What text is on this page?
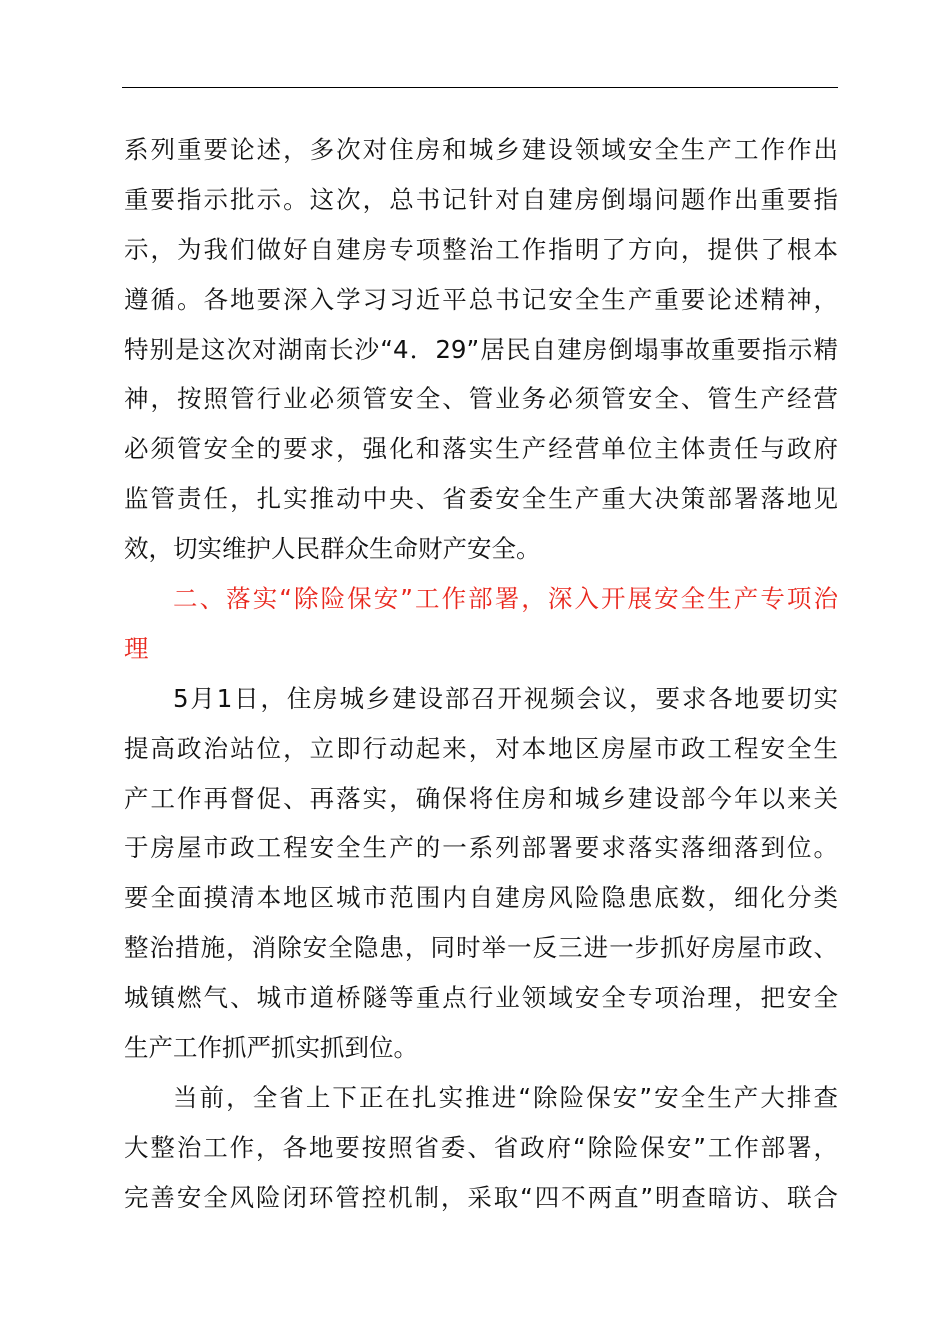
系列重要论述，多次对住房和城乡建设领域安全生产工作作出
重要指示批示。这次，总书记针对自建房倒塌问题作出重要指
示，为我们做好自建房专项整治工作指明了方向，提供了根本
遵循。各地要深入学习习近平总书记安全生产重要论述精神，
特别是这次对湖南长沙“4．29”居民自建房倒塌事故重要指示精
神，按照管行业必须管安全、管业务必须管安全、管生产经营
必须管安全的要求，强化和落实生产经营单位主体责任与政府
监管责任，扎实推动中央、省委安全生产重大决策部署落地见
效，切实维护人民群众生命财产安全。
二、落实“除险保安”工作部署，深入开展安全生产专项治
理
5月1日，住房城乡建设部召开视频会议，要求各地要切实
提高政治站位，立即行动起来，对本地区房屋市政工程安全生
产工作再督促、再落实，确保将住房和城乡建设部今年以来关
于房屋市政工程安全生产的一系列部署要求落实落细落到位。
要全面摸清本地区城市范围内自建房风险隐患底数，细化分类
整治措施，消除安全隐患，同时举一反三进一步抓好房屋市政、
城镇燃气、城市道桥隧等重点行业领域安全专项治理，把安全
生产工作抓严抓实抓到位。
当前，全省上下正在扎实推进“除险保安”安全生产大排查
大整治工作，各地要按照省委、省政府“除险保安”工作部署，
完善安全风险闭环管控机制，采取“四不两直”明查暗访、联合
